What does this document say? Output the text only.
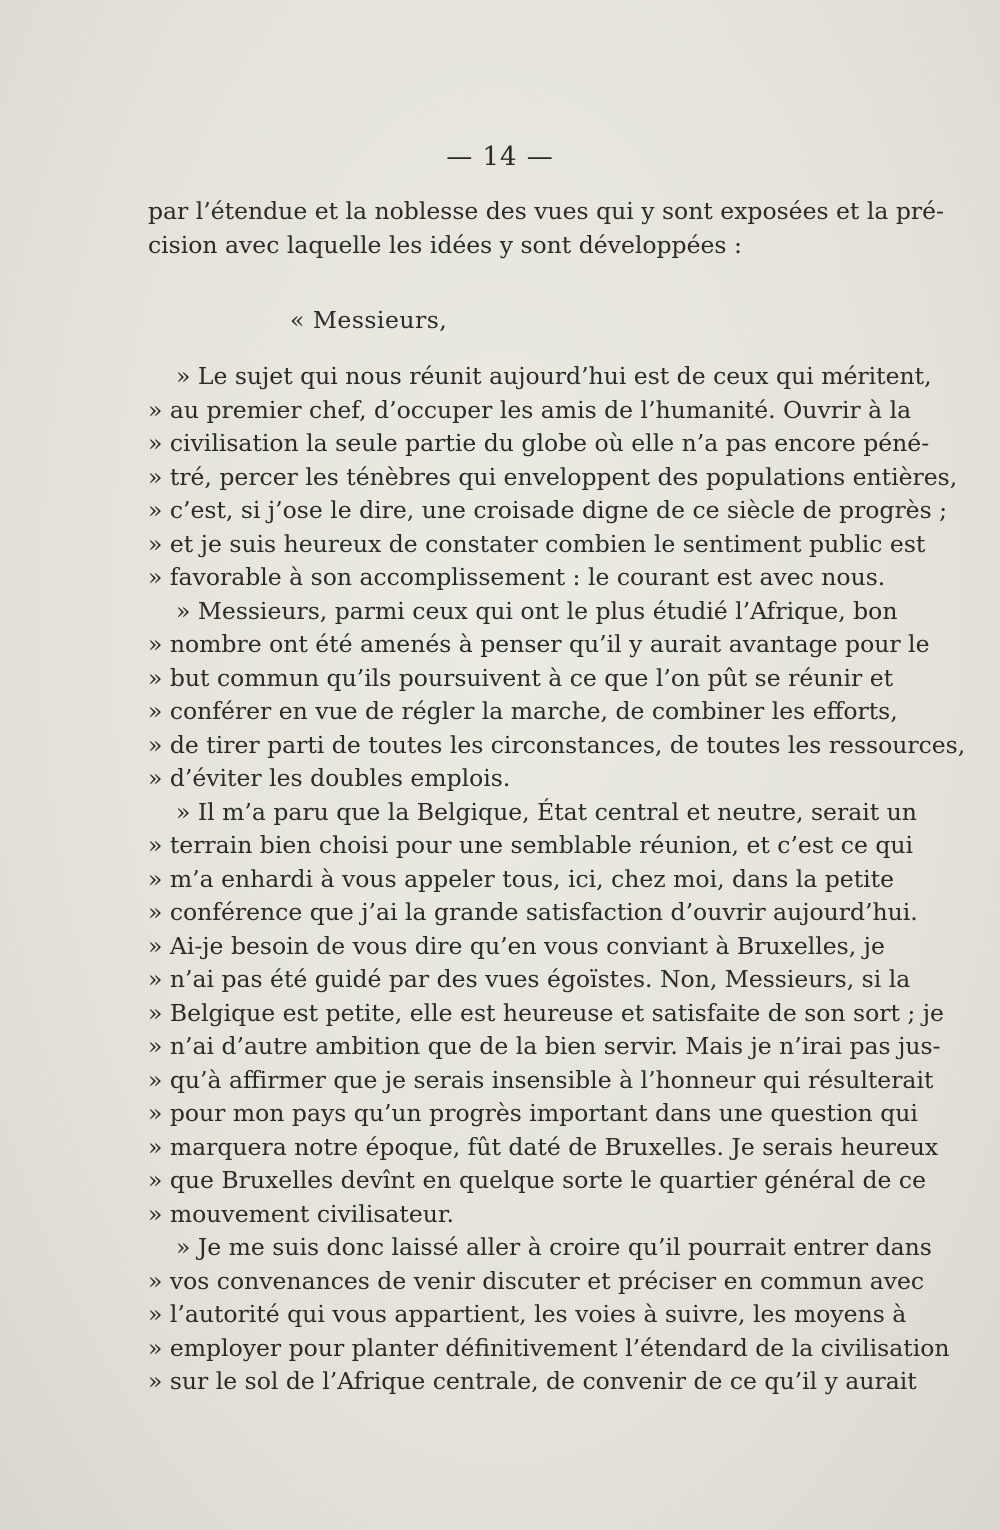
— 14 —
par l’étendue et la noblesse des vues qui y sont exposées et la pré-
cision avec laquelle les idées y sont développées :
« Messieurs,
» Le sujet qui nous réunit aujourd’hui est de ceux qui méritent,
» au premier chef, d’occuper les amis de l’humanité. Ouvrir à la
» civilisation la seule partie du globe où elle n’a pas encore péné-
» tré, percer les ténèbres qui enveloppent des populations entières,
» c’est, si j’ose le dire, une croisade digne de ce siècle de progrès ;
» et je suis heureux de constater combien le sentiment public est
» favorable à son accomplissement : le courant est avec nous.
» Messieurs, parmi ceux qui ont le plus étudié l’Afrique, bon
» nombre ont été amenés à penser qu’il y aurait avantage pour le
» but commun qu’ils poursuivent à ce que l’on pût se réunir et
» conférer en vue de régler la marche, de combiner les efforts,
» de tirer parti de toutes les circonstances, de toutes les ressources,
» d’éviter les doubles emplois.
» Il m’a paru que la Belgique, État central et neutre, serait un
» terrain bien choisi pour une semblable réunion, et c’est ce qui
» m’a enhardi à vous appeler tous, ici, chez moi, dans la petite
» conférence que j’ai la grande satisfaction d’ouvrir aujourd’hui.
» Ai-je besoin de vous dire qu’en vous conviant à Bruxelles, je
» n’ai pas été guidé par des vues égoïstes. Non, Messieurs, si la
» Belgique est petite, elle est heureuse et satisfaite de son sort ; je
» n’ai d’autre ambition que de la bien servir. Mais je n’irai pas jus-
» qu’à affirmer que je serais insensible à l’honneur qui résulterait
» pour mon pays qu’un progrès important dans une question qui
» marquera notre époque, fût daté de Bruxelles. Je serais heureux
» que Bruxelles devînt en quelque sorte le quartier général de ce
» mouvement civilisateur.
» Je me suis donc laissé aller à croire qu’il pourrait entrer dans
» vos convenances de venir discuter et préciser en commun avec
» l’autorité qui vous appartient, les voies à suivre, les moyens à
» employer pour planter définitivement l’étendard de la civilisation
» sur le sol de l’Afrique centrale, de convenir de ce qu’il y aurait
